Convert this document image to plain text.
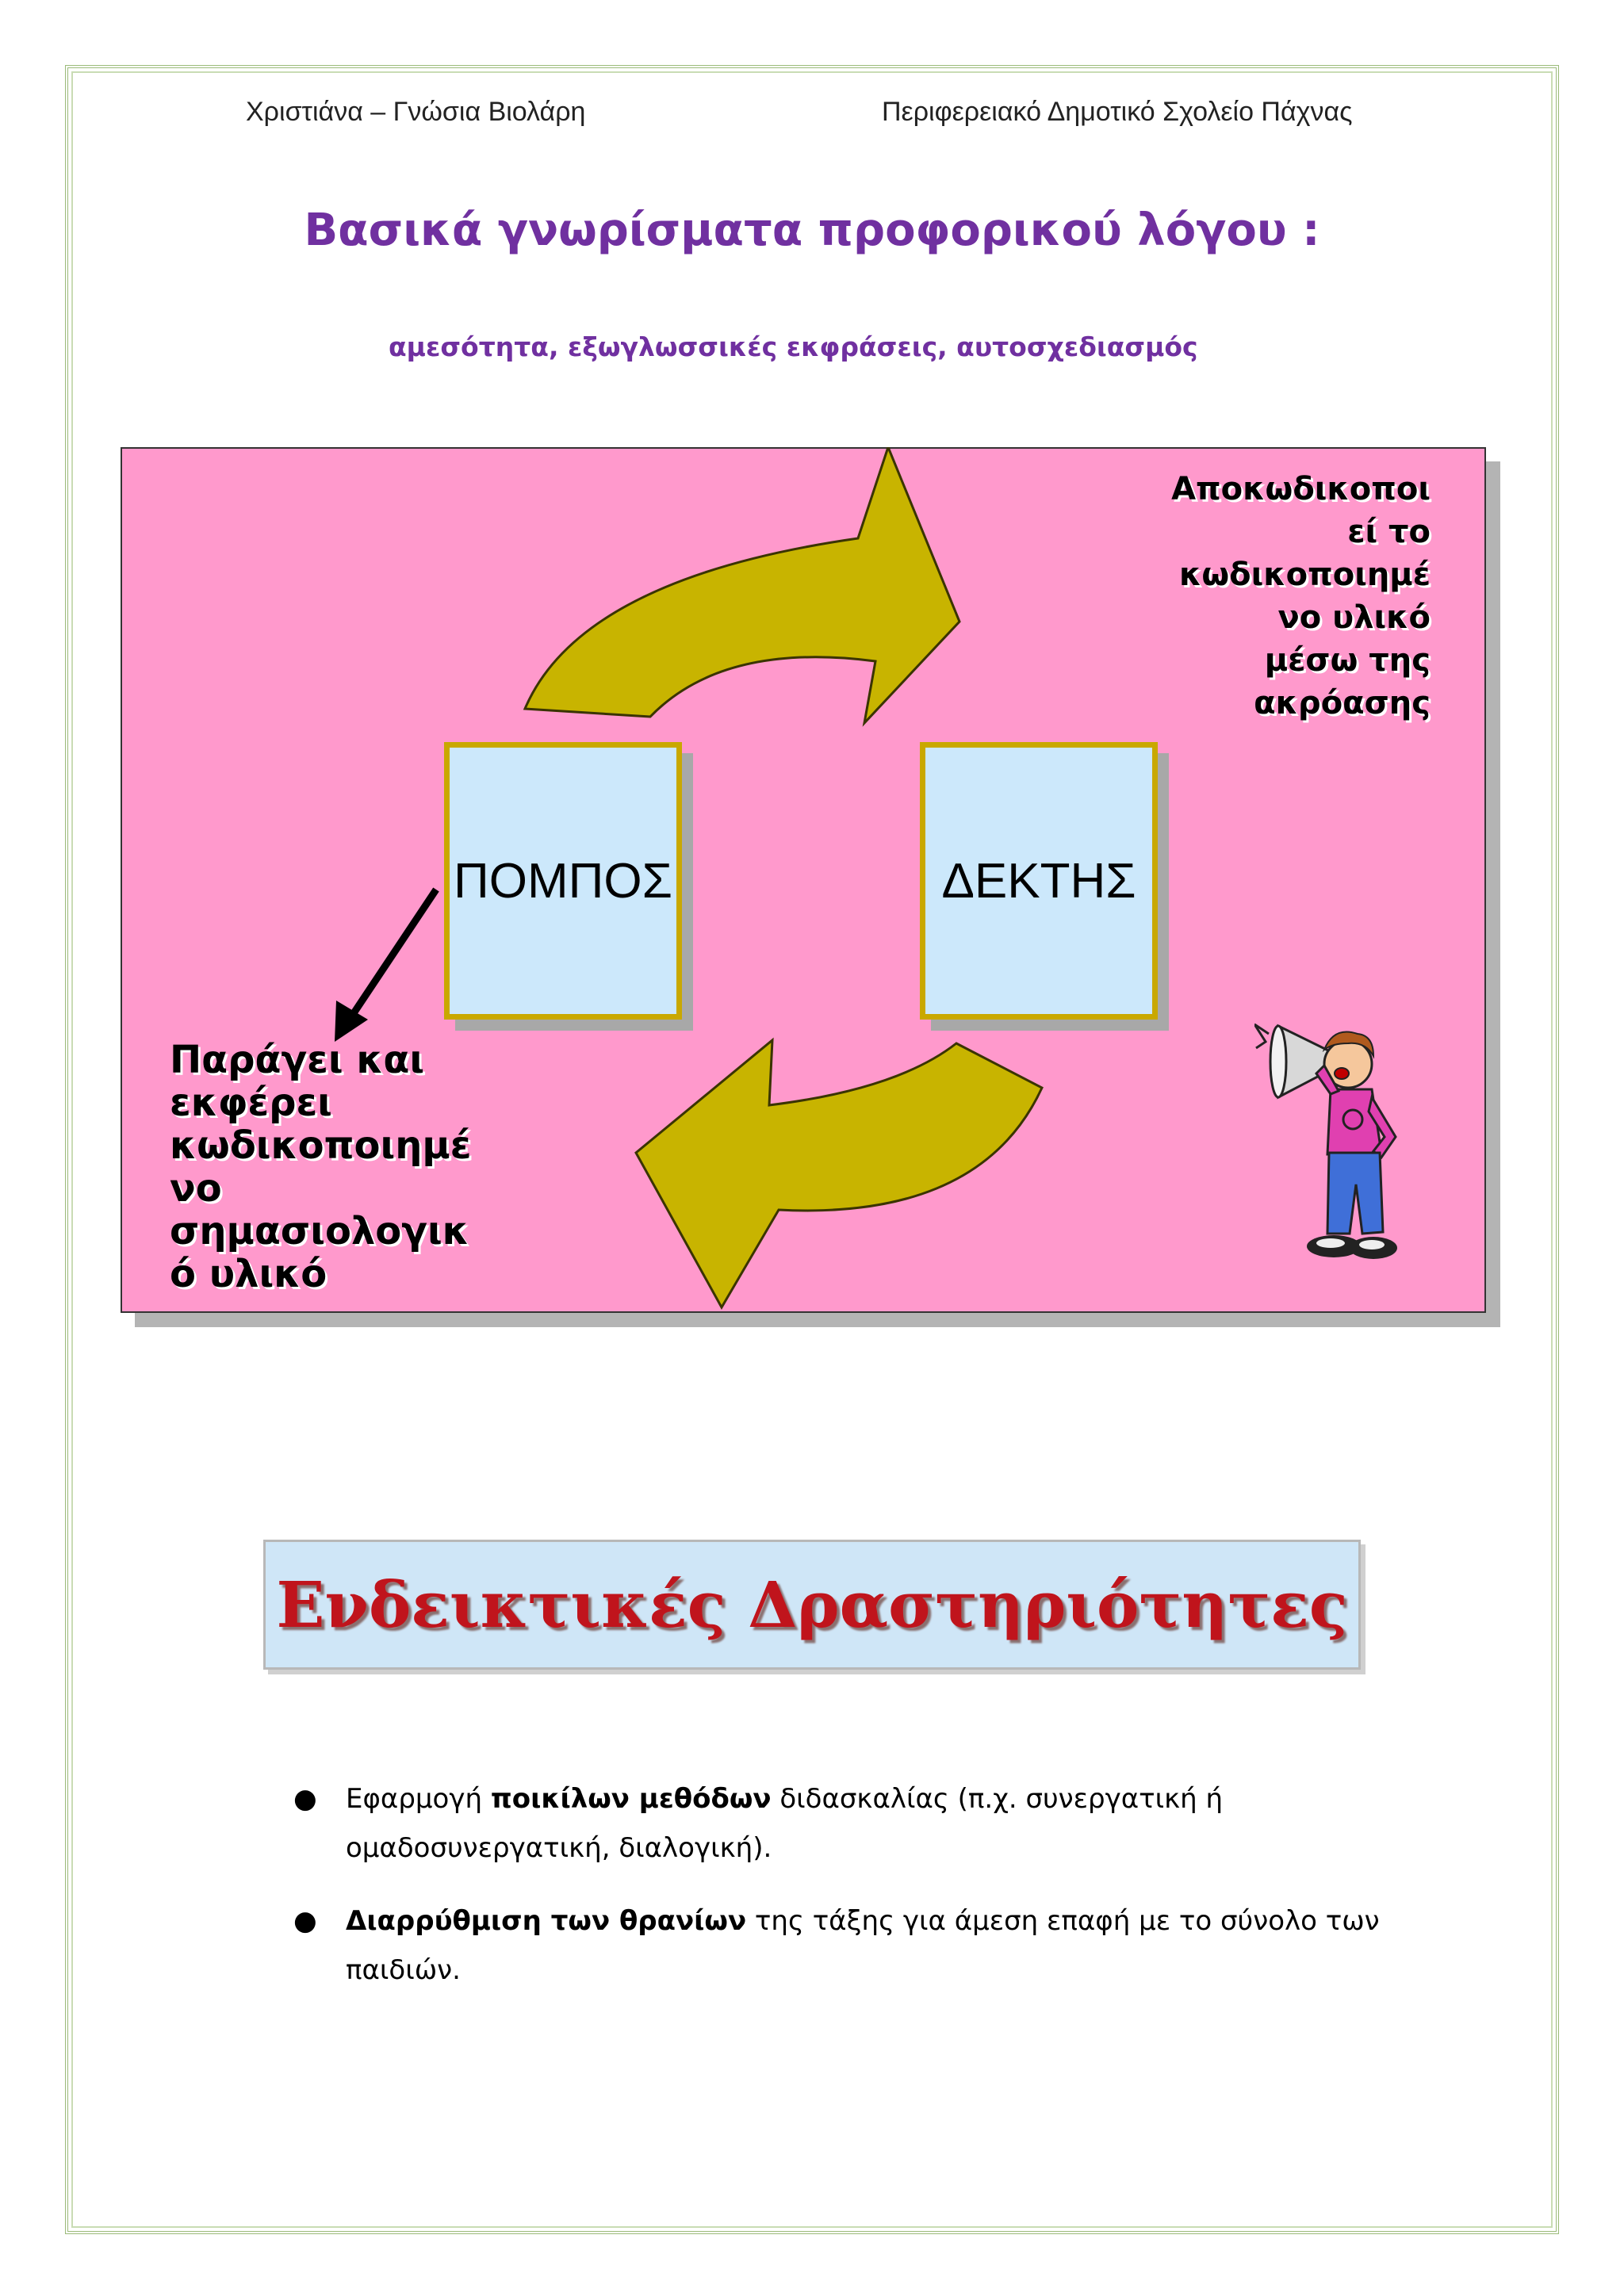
Χριστιάνα – Γνώσια Βιολάρη	Περιφερειακό Δημοτικό Σχολείο Πάχνας
Βασικά γνωρίσματα προφορικού λόγου :
αμεσότητα, εξωγλωσσικές εκφράσεις, αυτοσχεδιασμός
ΠΟΜΠΟΣ	ΔΕΚΤΗΣ
Αποκωδικοποι
εί το
κωδικοποιημέ
νο υλικό
μέσω της
ακρόασης
Παράγει και
εκφέρει
κωδικοποιημέ
νο
σημασιολογικ
ό υλικό
Ενδεικτικές Δραστηριότητες
● Εφαρμογή ποικίλων μεθόδων διδασκαλίας (π.χ. συνεργατική ή ομαδοσυνεργατική, διαλογική).
● Διαρρύθμιση των θρανίων της τάξης για άμεση επαφή με το σύνολο των παιδιών.
